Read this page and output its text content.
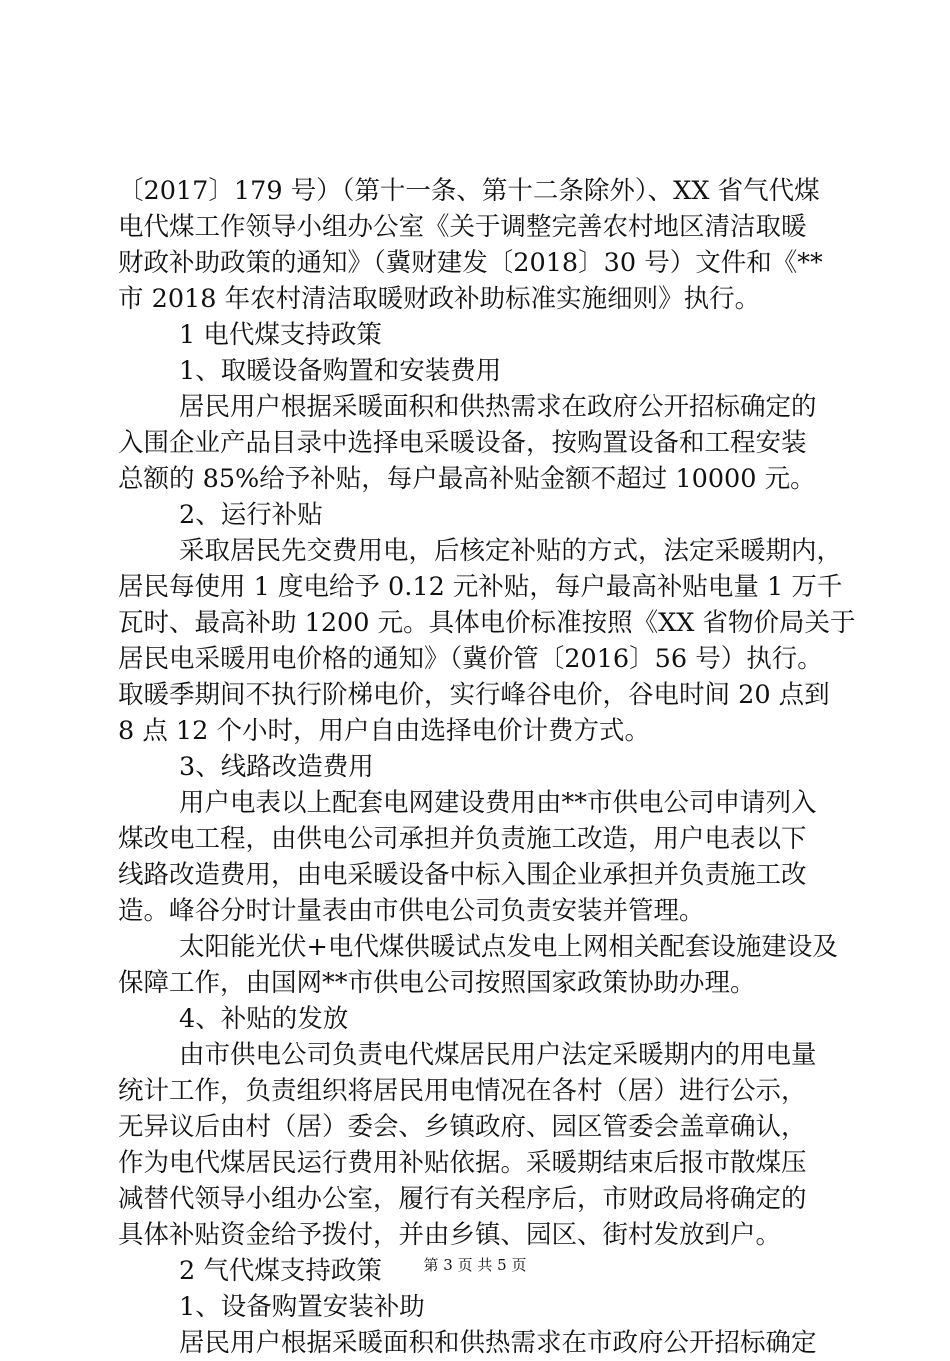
〔2017〕179 号）（第十一条、第十二条除外）、XX 省气代煤
电代煤工作领导小组办公室《关于调整完善农村地区清洁取暖
财政补助政策的通知》（冀财建发〔2018〕30 号）文件和《**
市 2018 年农村清洁取暖财政补助标准实施细则》执行。
1 电代煤支持政策
1、取暖设备购置和安装费用
居民用户根据采暖面积和供热需求在政府公开招标确定的
入围企业产品目录中选择电采暖设备，按购置设备和工程安装
总额的 85%给予补贴，每户最高补贴金额不超过 10000 元。
2、运行补贴
采取居民先交费用电，后核定补贴的方式，法定采暖期内，
居民每使用 1 度电给予 0.12 元补贴，每户最高补贴电量 1 万千
瓦时、最高补助 1200 元。具体电价标准按照《XX 省物价局关于
居民电采暖用电价格的通知》（冀价管〔2016〕56 号）执行。
取暖季期间不执行阶梯电价，实行峰谷电价，谷电时间 20 点到
8 点 12 个小时，用户自由选择电价计费方式。
3、线路改造费用
用户电表以上配套电网建设费用由**市供电公司申请列入
煤改电工程，由供电公司承担并负责施工改造，用户电表以下
线路改造费用，由电采暖设备中标入围企业承担并负责施工改
造。峰谷分时计量表由市供电公司负责安装并管理。
太阳能光伏+电代煤供暖试点发电上网相关配套设施建设及
保障工作，由国网**市供电公司按照国家政策协助办理。
4、补贴的发放
由市供电公司负责电代煤居民用户法定采暖期内的用电量
统计工作，负责组织将居民用电情况在各村（居）进行公示，
无异议后由村（居）委会、乡镇政府、园区管委会盖章确认，
作为电代煤居民运行费用补贴依据。采暖期结束后报市散煤压
减替代领导小组办公室，履行有关程序后，市财政局将确定的
具体补贴资金给予拨付，并由乡镇、园区、街村发放到户。
2 气代煤支持政策
1、设备购置安装补助
居民用户根据采暖面积和供热需求在市政府公开招标确定
第 3 页 共 5 页
